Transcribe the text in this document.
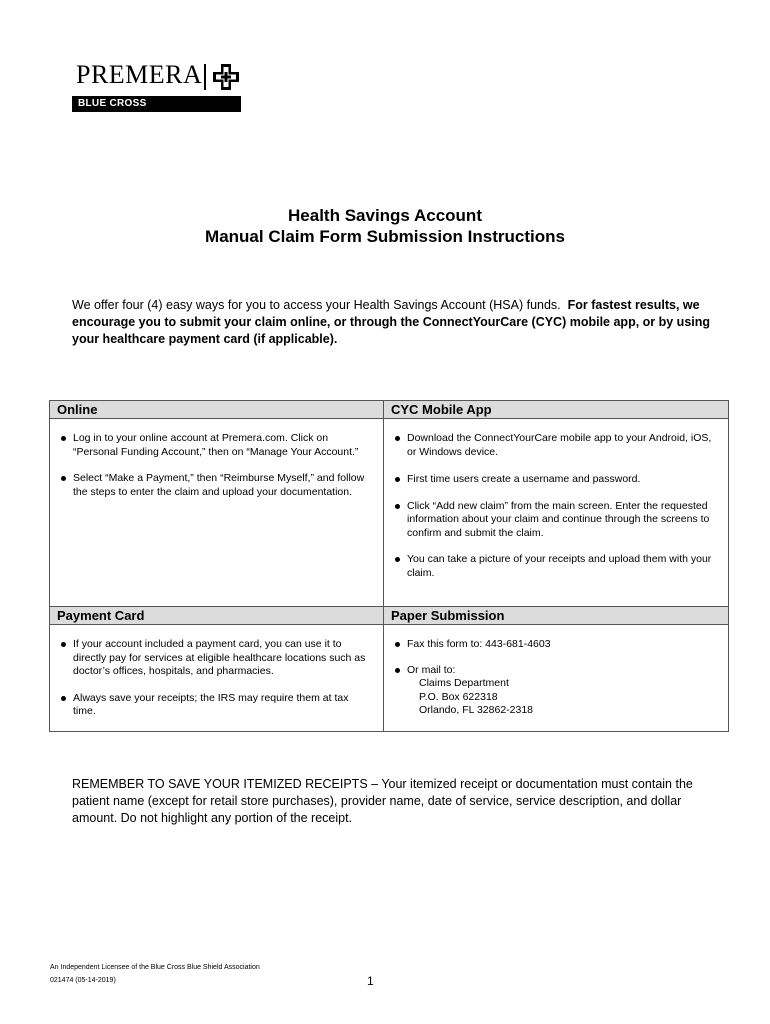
PREMERA
BLUE CROSS
Health Savings Account
Manual Claim Form Submission Instructions
We offer four (4) easy ways for you to access your Health Savings Account (HSA) funds. For fastest results, we encourage you to submit your claim online, or through the ConnectYourCare (CYC) mobile app, or by using your healthcare payment card (if applicable).
Online	CYC Mobile App
Log in to your online account at Premera.com. Click on “Personal Funding Account,” then on “Manage Your Account.”
Select “Make a Payment,” then “Reimburse Myself,” and follow the steps to enter the claim and upload your documentation.
Download the ConnectYourCare mobile app to your Android, iOS, or Windows device.
First time users create a username and password.
Click “Add new claim” from the main screen. Enter the requested information about your claim and continue through the screens to confirm and submit the claim.
You can take a picture of your receipts and upload them with your claim.
Payment Card	Paper Submission
If your account included a payment card, you can use it to directly pay for services at eligible healthcare locations such as doctor’s offices, hospitals, and pharmacies.
Always save your receipts; the IRS may require them at tax time.
Fax this form to: 443-681-4603
Or mail to:
Claims Department
P.O. Box 622318
Orlando, FL 32862-2318
REMEMBER TO SAVE YOUR ITEMIZED RECEIPTS – Your itemized receipt or documentation must contain the patient name (except for retail store purchases), provider name, date of service, service description, and dollar amount. Do not highlight any portion of the receipt.
An Independent Licensee of the Blue Cross Blue Shield Association
021474 (05-14-2019)	1
